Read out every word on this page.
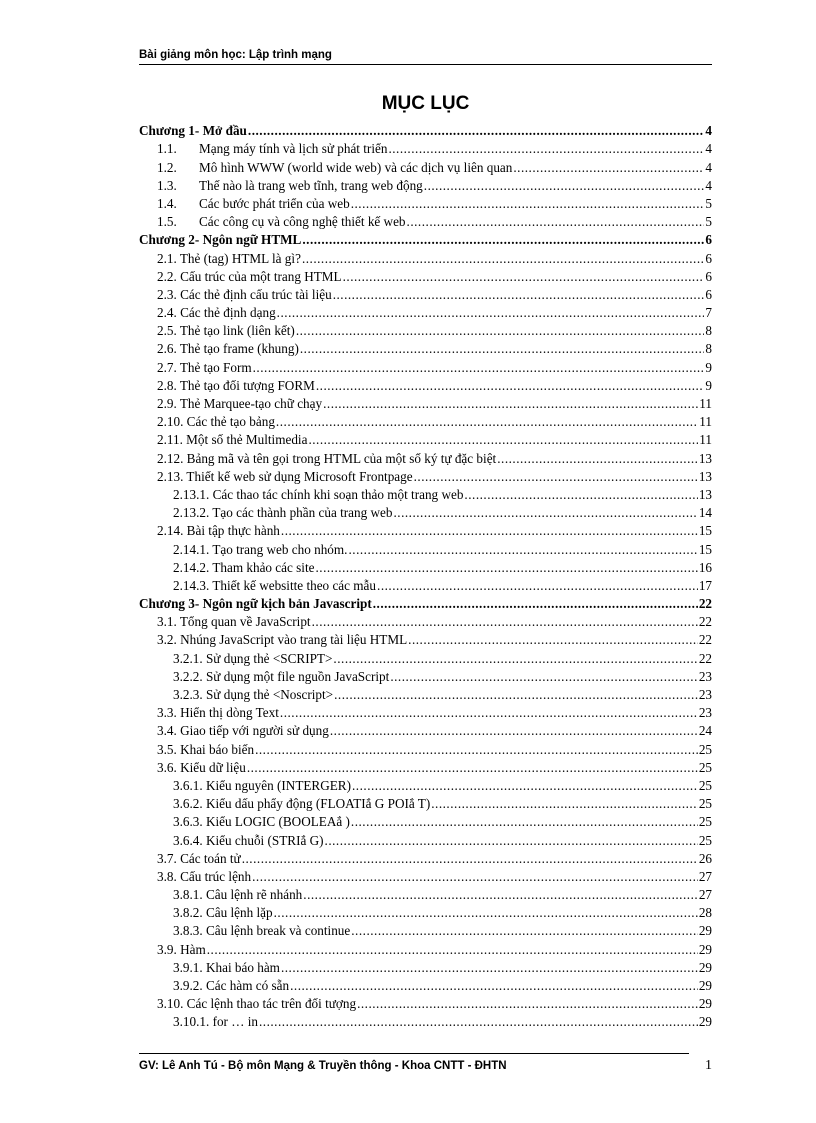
Bài giảng môn học: Lập trình mạng
MỤC LỤC
Chương 1- Mở đầu .....	4
1.1.	Mạng máy tính và lịch sử phát triển .....	4
1.2.	Mô hình WWW (world wide web) và các dịch vụ liên quan .....	4
1.3.	Thế nào là trang web tĩnh, trang web động .....	4
1.4.	Các bước phát triển của web .....	5
1.5.	Các công cụ và công nghệ thiết kế web .....	5
Chương 2- Ngôn ngữ HTML .....	6
2.1. Thẻ (tag) HTML là gì? .....	6
2.2. Cấu trúc của một trang HTML .....	6
2.3. Các thẻ định cấu trúc tài liệu .....	6
2.4. Các thẻ định dạng .....	7
2.5. Thẻ tạo link (liên kết) .....	8
2.6. Thẻ tạo frame (khung) .....	8
2.7. Thẻ tạo Form .....	9
2.8. Thẻ tạo đối tượng FORM .....	9
2.9. Thẻ Marquee-tạo chữ chạy .....	11
2.10. Các thẻ tạo bảng .....	11
2.11. Một số thẻ Multimedia .....	11
2.12. Bảng mã và tên gọi trong HTML của một số ký tự đặc biệt .....	13
2.13. Thiết kế web sử dụng Microsoft Frontpage .....	13
2.13.1. Các thao tác chính khi soạn thảo một trang web .....	13
2.13.2. Tạo các thành phần của trang web .....	14
2.14. Bài tập thực hành .....	15
2.14.1. Tạo trang web cho nhóm. .....	15
2.14.2. Tham khảo các site .....	16
2.14.3. Thiết kế websitte theo các mẫu .....	17
Chương 3- Ngôn ngữ kịch bản Javascript .....	22
3.1. Tổng quan về JavaScript .....	22
3.2. Nhúng JavaScript vào trang tài liệu HTML .....	22
3.2.1. Sử dụng thẻ <SCRIPT> .....	22
3.2.2. Sử dụng một file nguồn JavaScript .....	23
3.2.3. Sử dụng thẻ <Noscript> .....	23
3.3. Hiển thị dòng Text .....	23
3.4. Giao tiếp với người sử dụng .....	24
3.5. Khai báo biến .....	25
3.6. Kiểu dữ liệu .....	25
3.6.1. Kiểu nguyên (INTERGER) .....	25
3.6.2. Kiểu dấu phẩy động (FLOATIắ G POIắ T) .....	25
3.6.3. Kiểu LOGIC (BOOLEAắ ) .....	25
3.6.4. Kiểu chuỗi (STRIắ G) .....	25
3.7. Các toán tử .....	26
3.8. Cấu trúc lệnh .....	27
3.8.1. Câu lệnh rẽ nhánh .....	27
3.8.2. Câu lệnh lặp .....	28
3.8.3. Câu lệnh break và continue .....	29
3.9. Hàm .....	29
3.9.1. Khai báo hàm .....	29
3.9.2. Các hàm có sẵn .....	29
3.10. Các lệnh thao tác trên đối tượng .....	29
3.10.1. for … in .....	29
GV: Lê Anh Tú - Bộ môn Mạng & Truyền thông - Khoa CNTT - ĐHTN	1
